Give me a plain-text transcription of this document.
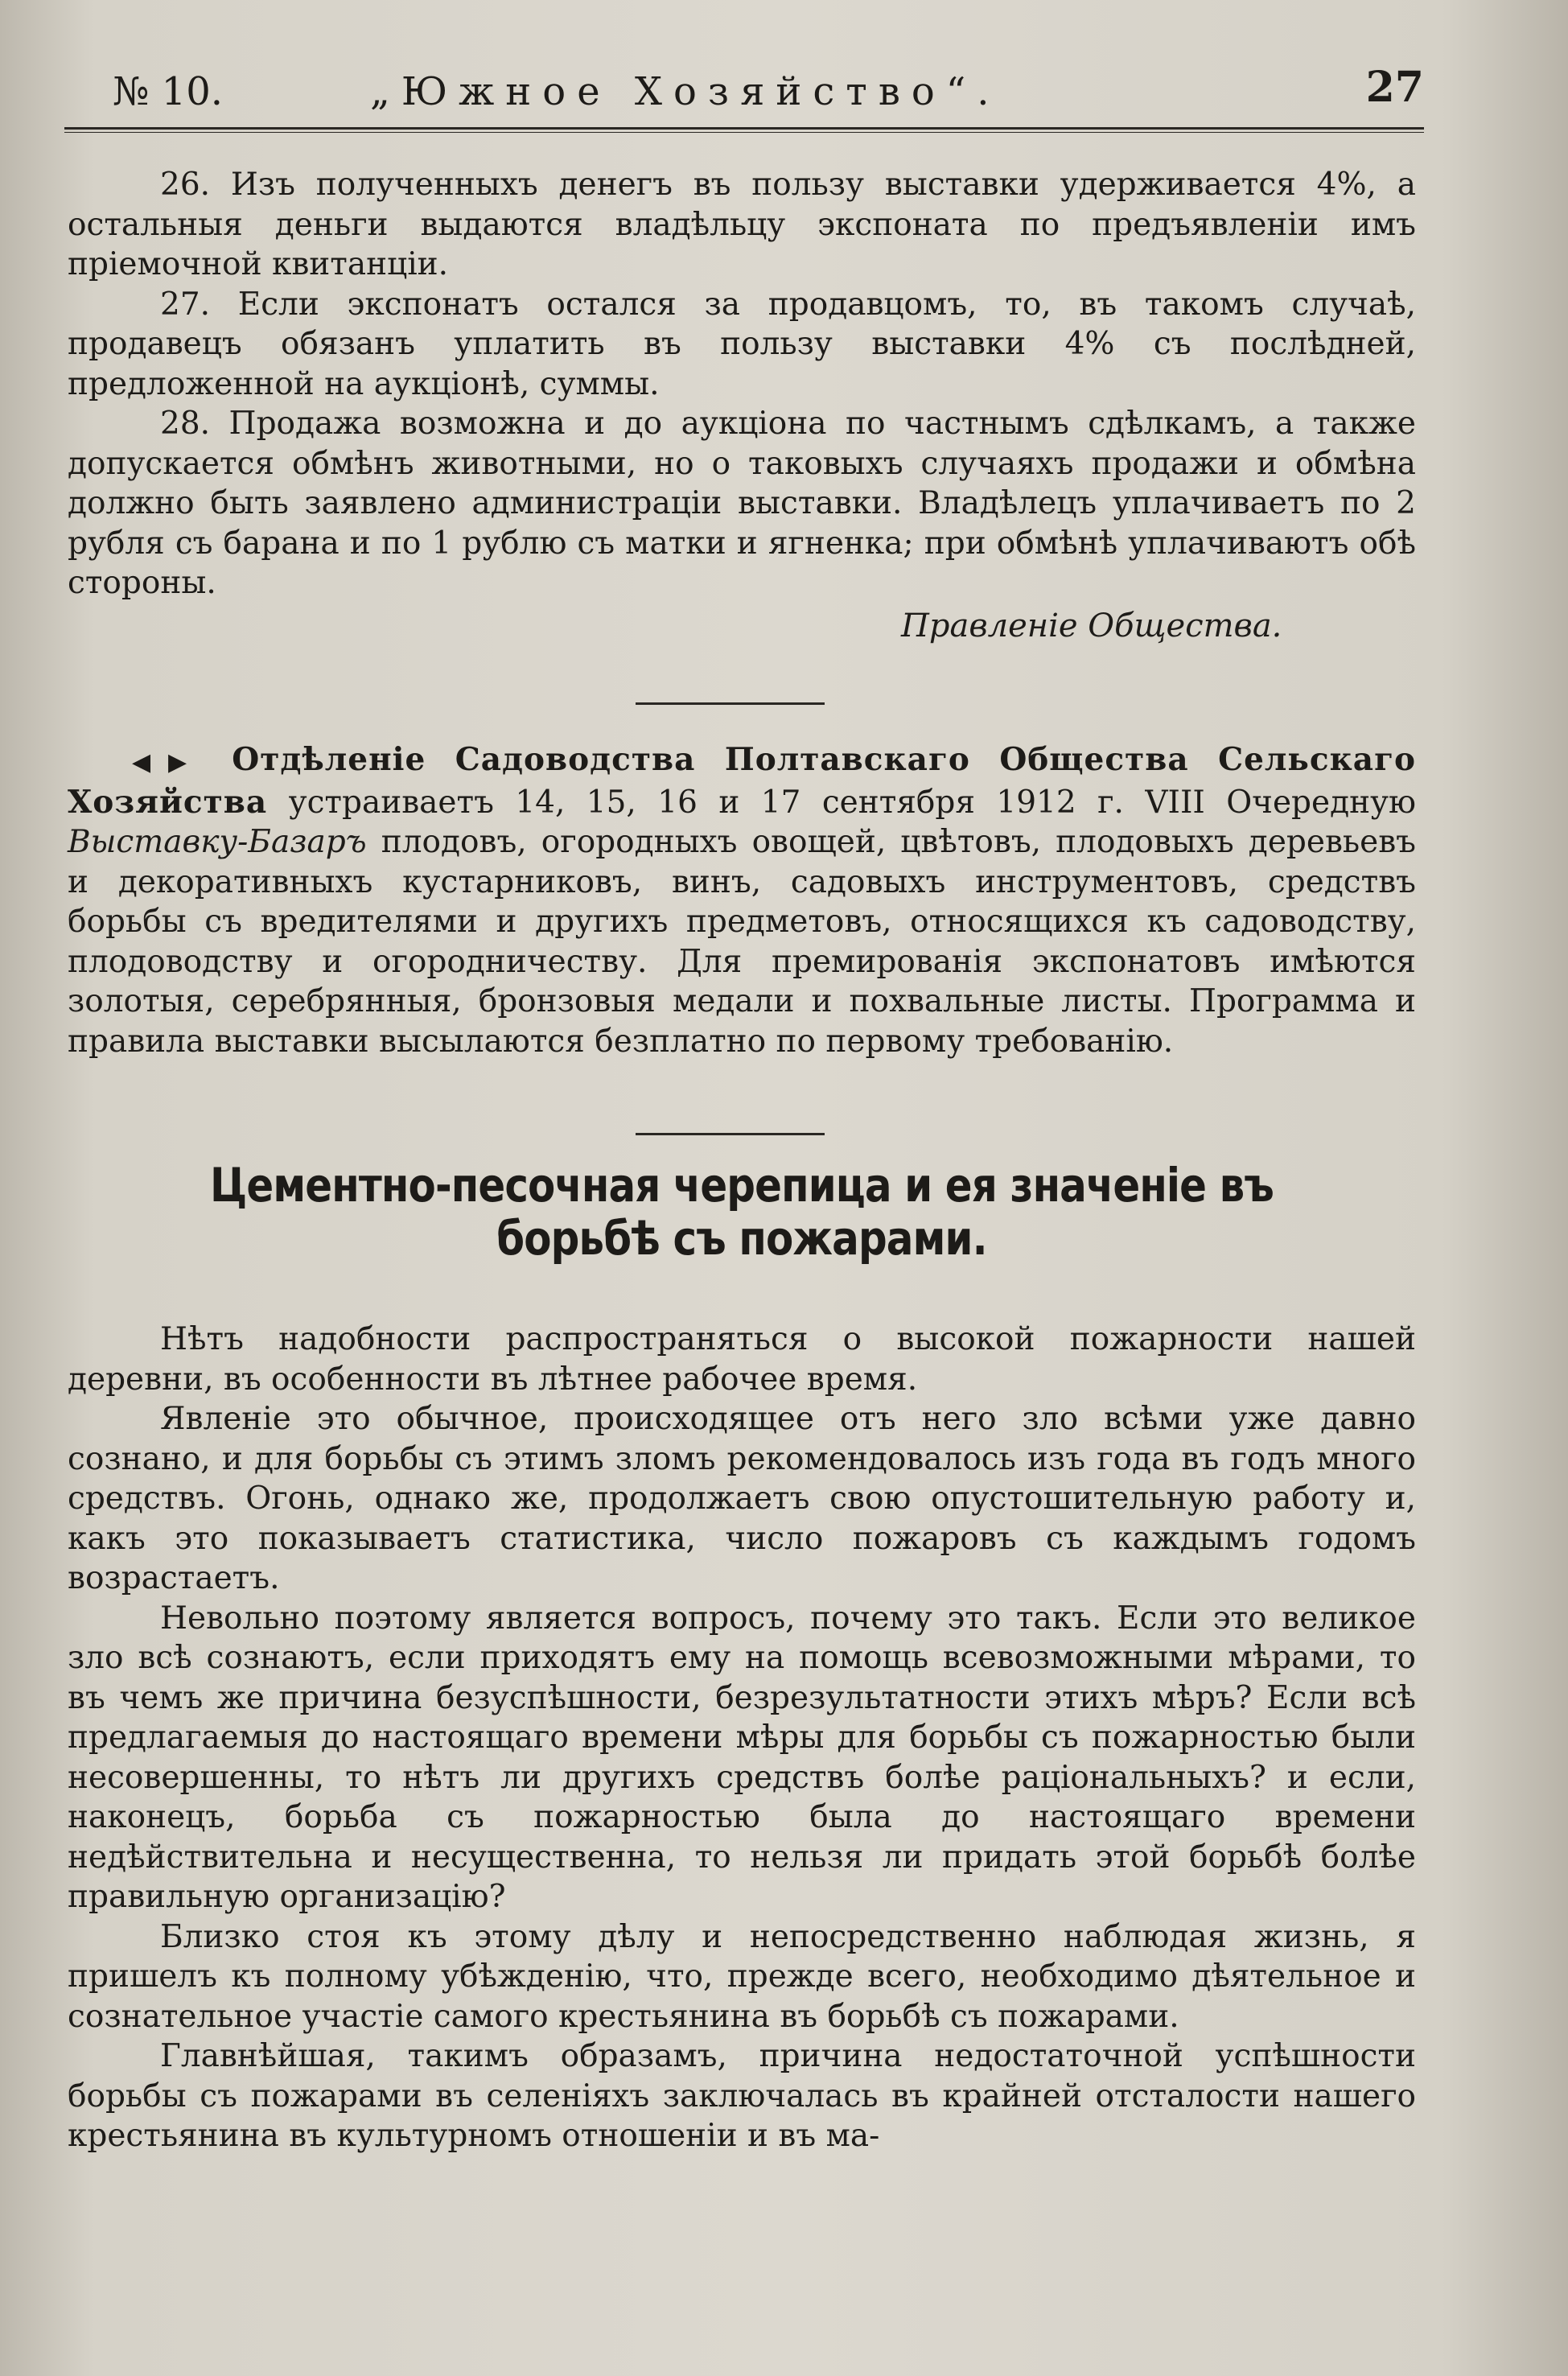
№ 10.	„Южное Хозяйство“.	27

26. Изъ полученныхъ денегъ въ пользу выставки удерживается 4%, а остальныя деньги выдаются владѣльцу экспоната по предъявленіи имъ пріемочной квитанціи.

27. Если экспонатъ остался за продавцомъ, то, въ такомъ случаѣ, продавецъ обязанъ уплатить въ пользу выставки 4% съ послѣдней, предложенной на аукціонѣ, суммы.

28. Продажа возможна и до аукціона по частнымъ сдѣлкамъ, а также допускается обмѣнъ животными, но о таковыхъ случаяхъ продажи и обмѣна должно быть заявлено администраціи выставки. Владѣлецъ уплачиваетъ по 2 рубля съ барана и по 1 рублю съ матки и ягненка; при обмѣнѣ уплачиваютъ обѣ стороны.

Правленіе Общества.

◀▶ Отдѣленіе Садоводства Полтавскаго Общества Сельскаго Хозяйства устраиваетъ 14, 15, 16 и 17 сентября 1912 г. VIII Очередную Выставку-Базаръ плодовъ, огородныхъ овощей, цвѣтовъ, плодовыхъ деревьевъ и декоративныхъ кустарниковъ, винъ, садовыхъ инструментовъ, средствъ борьбы съ вредителями и другихъ предметовъ, относящихся къ садоводству, плодоводству и огородничеству. Для премированія экспонатовъ имѣются золотыя, серебрянныя, бронзовыя медали и похвальные листы. Программа и правила выставки высылаются безплатно по первому требованію.

Цементно-песочная черепица и ея значеніе въ борьбѣ съ пожарами.

Нѣтъ надобности распространяться о высокой пожарности нашей деревни, въ особенности въ лѣтнее рабочее время.

Явленіе это обычное, происходящее отъ него зло всѣми уже давно сознано, и для борьбы съ этимъ зломъ рекомендовалось изъ года въ годъ много средствъ. Огонь, однако же, продолжаетъ свою опустошительную работу и, какъ это показываетъ статистика, число пожаровъ съ каждымъ годомъ возрастаетъ.

Невольно поэтому является вопросъ, почему это такъ. Если это великое зло всѣ сознаютъ, если приходятъ ему на помощь всевозможными мѣрами, то въ чемъ же причина безуспѣшности, безрезультатности этихъ мѣръ? Если всѣ предлагаемыя до настоящаго времени мѣры для борьбы съ пожарностью были несовершенны, то нѣтъ ли другихъ средствъ болѣе раціональныхъ? и если, наконецъ, борьба съ пожарностью была до настоящаго времени недѣйствительна и несущественна, то нельзя ли придать этой борьбѣ болѣе правильную организацію?

Близко стоя къ этому дѣлу и непосредственно наблюдая жизнь, я пришелъ къ полному убѣжденію, что, прежде всего, необходимо дѣятельное и сознательное участіе самого крестьянина въ борьбѣ съ пожарами.

Главнѣйшая, такимъ образамъ, причина недостаточной успѣшности борьбы съ пожарами въ селеніяхъ заключалась въ крайней отсталости нашего крестьянина въ культурномъ отношеніи и въ ма-
